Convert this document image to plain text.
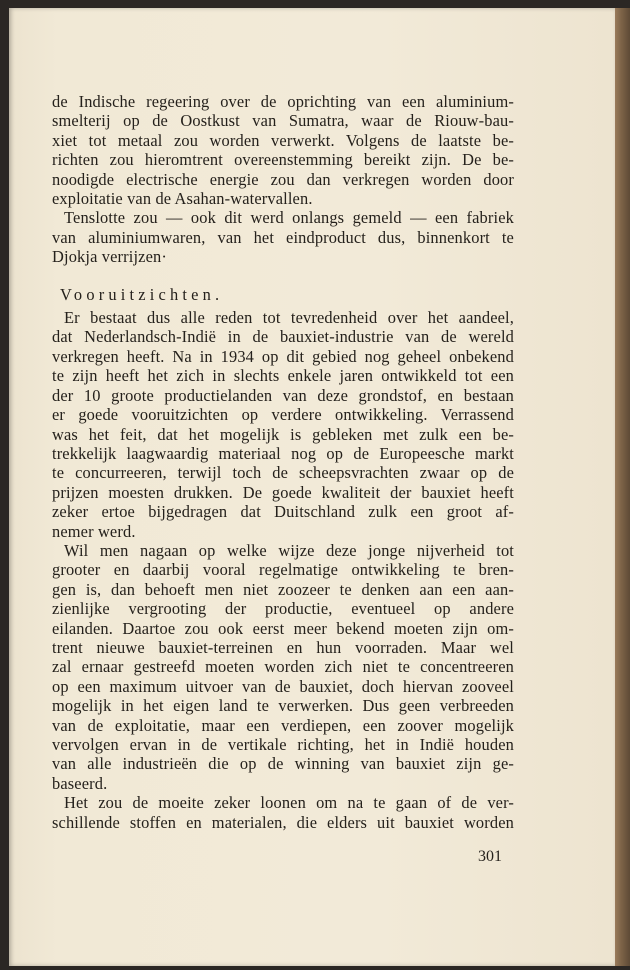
de Indische regeering over de oprichting van een aluminium-
smelterij op de Oostkust van Sumatra, waar de Riouw-bau-
xiet tot metaal zou worden verwerkt. Volgens de laatste be-
richten zou hieromtrent overeenstemming bereikt zijn. De be-
noodigde electrische energie zou dan verkregen worden door
exploitatie van de Asahan-watervallen.

Tenslotte zou — ook dit werd onlangs gemeld — een fabriek

van aluminiumwaren, van het eindproduct dus, binnenkort te
Djokja verrijzen·

Vooruitzichten.

Er bestaat dus alle reden tot tevredenheid over het aandeel,
dat Nederlandsch-Indië in de bauxiet-industrie van de wereld
verkregen heeft. Na in 1934 op dit gebied nog geheel onbekend
te zijn heeft het zich in slechts enkele jaren ontwikkeld tot een
der 10 groote productielanden van deze grondstof, en bestaan
er goede vooruitzichten op verdere ontwikkeling. Verrassend
was het feit, dat het mogelijk is gebleken met zulk een be-
trekkelijk laagwaardig materiaal nog op de Europeesche markt
te concurreeren, terwijl toch de scheepsvrachten zwaar op de
prijzen moesten drukken. De goede kwaliteit der bauxiet heeft
zeker ertoe bijgedragen dat Duitschland zulk een groot af-
nemer werd.

Wil men nagaan op welke wijze deze jonge nijverheid tot
grooter en daarbij vooral regelmatige ontwikkeling te bren-
gen is, dan behoeft men niet zoozeer te denken aan een aan-
zienlijke vergrooting der productie, eventueel op andere
eilanden. Daartoe zou ook eerst meer bekend moeten zijn om-
trent nieuwe bauxiet-terreinen en hun voorraden. Maar wel
zal ernaar gestreefd moeten worden zich niet te concentreeren
op een maximum uitvoer van de bauxiet, doch hiervan zooveel
mogelijk in het eigen land te verwerken. Dus geen verbreeden
van de exploitatie, maar een verdiepen, een zoover mogelijk
vervolgen ervan in de vertikale richting, het in Indië houden
van alle industrieën die op de winning van bauxiet zijn ge-
baseerd.

Het zou de moeite zeker loonen om na te gaan of de ver-
schillende stoffen en materialen, die elders uit bauxiet worden

301
